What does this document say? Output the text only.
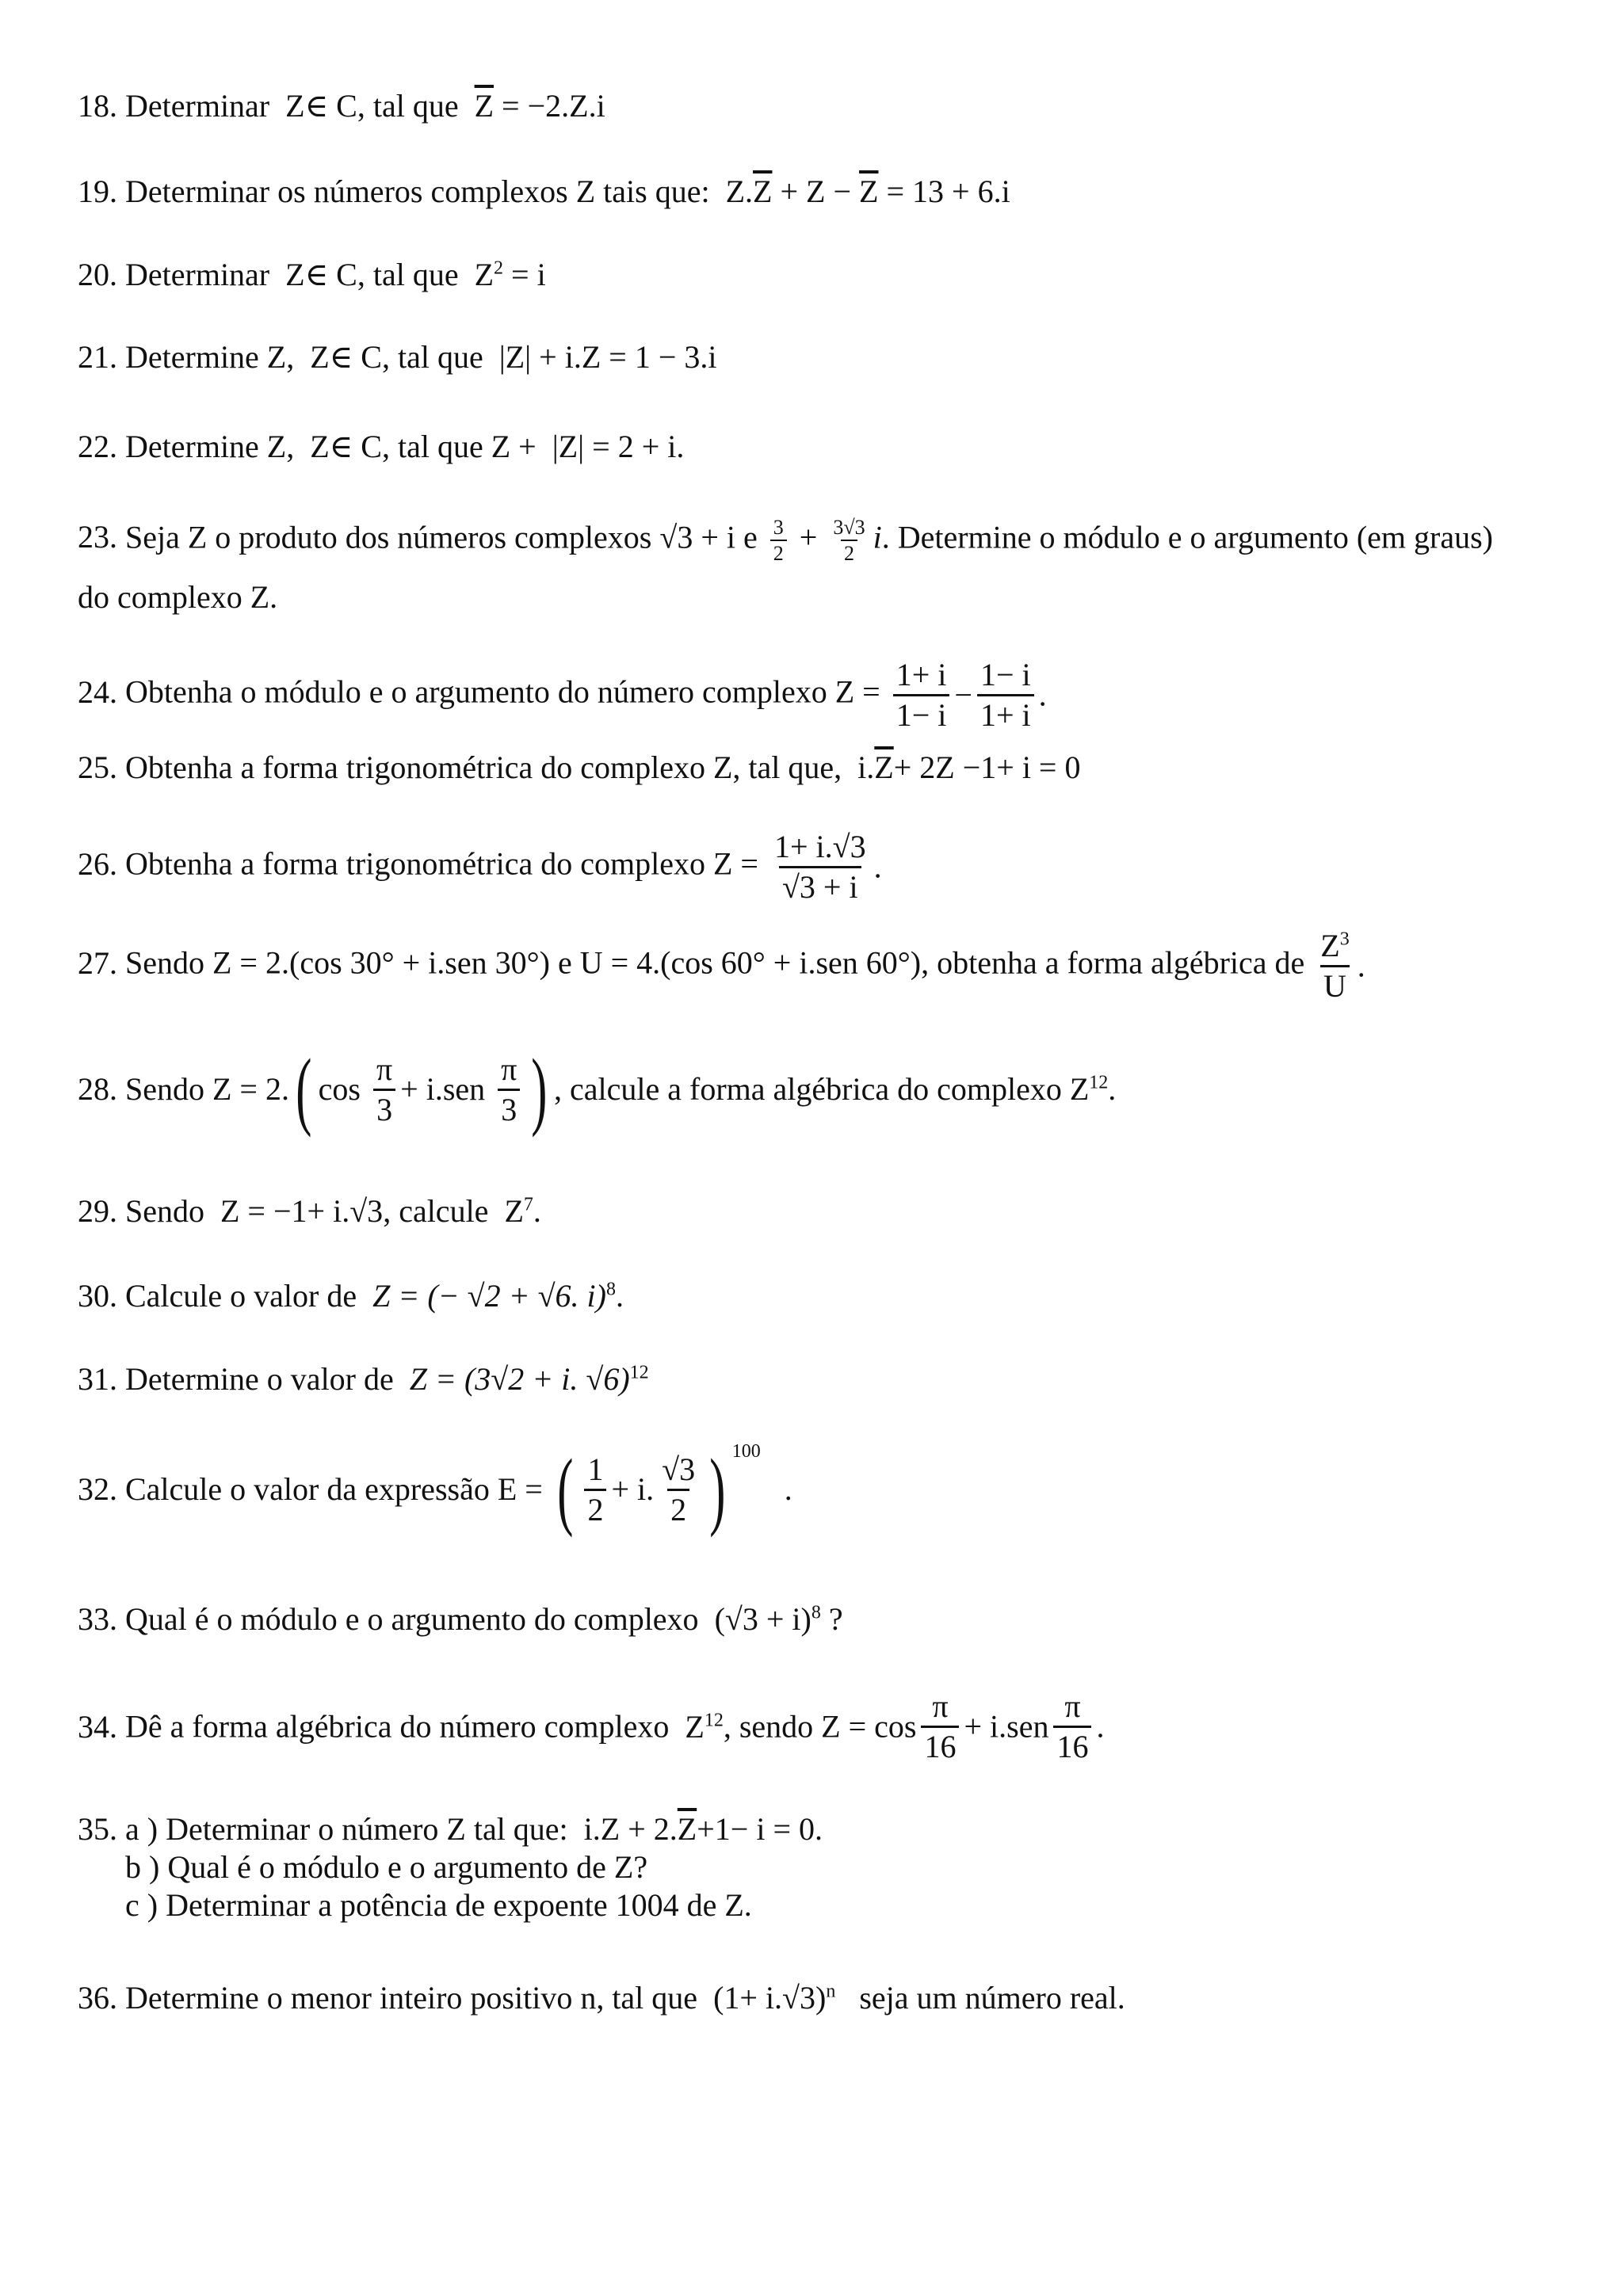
18. Determinar Z∈ C, tal que $\overline{Z} = -2.Z.i$
19. Determinar os números complexos Z tais que: $Z.\overline{Z} + Z - \overline{Z} = 13 + 6.i$
20. Determinar Z∈ C, tal que $Z^2 = i$
21. Determine Z, Z∈ C, tal que |Z| + i.Z = 1 − 3.i
22. Determine Z, Z∈ C, tal que Z + |Z| = 2 + i.
23. Seja Z o produto dos números complexos √3 + i e $\frac{3}{2} + \frac{3√3}{2} i$. Determine o módulo e o argumento (em graus)
do complexo Z.
24. Obtenha o módulo e o argumento do número complexo $Z = \frac{1+ i}{1- i} - \frac{1- i}{1+ i}$ .
25. Obtenha a forma trigonométrica do complexo Z, tal que, $i.\overline{Z}+ 2Z -1+ i = 0$
26. Obtenha a forma trigonométrica do complexo $Z = \frac{1+ i.√3}{√3 + i}$ .
27. Sendo Z = 2.(cos 30° + i.sen 30°) e U = 4.(cos 60° + i.sen 60°), obtenha a forma algébrica de $\frac{Z^3}{U}$ .
28. Sendo Z = 2.( $\cos \frac{\pi}{3} + i.sen \frac{\pi}{3}$ ) , calcule a forma algébrica do complexo $Z^{12}$.
29. Sendo Z = −1+ i.√3, calcule $Z^7$.
30. Calcule o valor de Z = (− √2 + √6. i)$^8$.
31. Determine o valor de Z = (3√2 + i. √6)$^{12}$
32. Calcule o valor da expressão E = ( $\frac{1}{2} + i$. $\frac{√3}{2}$ ) $^{100}$   .
33. Qual é o módulo e o argumento do complexo $(√3 + i)^8$ ?
34. Dê a forma algébrica do número complexo $Z^{12}$, sendo $Z = \cos \frac{\pi}{16} + i.sen \frac{\pi}{16}$ .
35. a ) Determinar o número Z tal que: $i.Z + 2.\overline{Z}+1- i = 0$.
b ) Qual é o módulo e o argumento de Z?
c ) Determinar a potência de expoente 1004 de Z.
36. Determine o menor inteiro positivo n, tal que $(1+ i.√3)^n$ seja um número real.
